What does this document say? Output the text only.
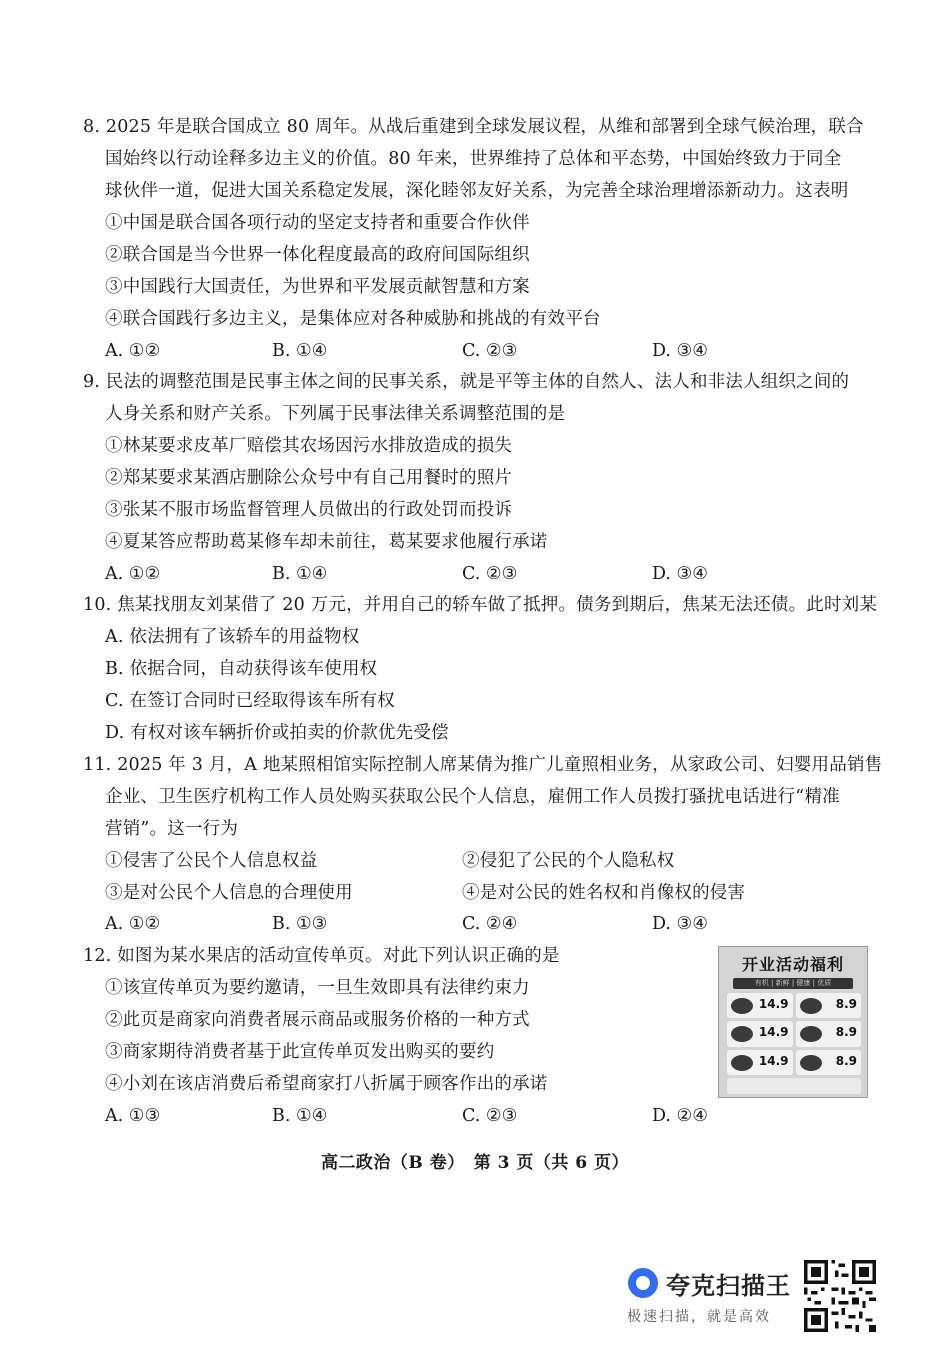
8. 2025 年是联合国成立 80 周年。从战后重建到全球发展议程，从维和部署到全球气候治理，联合
国始终以行动诠释多边主义的价值。80 年来，世界维持了总体和平态势，中国始终致力于同全
球伙伴一道，促进大国关系稳定发展，深化睦邻友好关系，为完善全球治理增添新动力。这表明
①中国是联合国各项行动的坚定支持者和重要合作伙伴
②联合国是当今世界一体化程度最高的政府间国际组织
③中国践行大国责任，为世界和平发展贡献智慧和方案
④联合国践行多边主义，是集体应对各种威胁和挑战的有效平台
A. ①②	B. ①④	C. ②③	D. ③④
9. 民法的调整范围是民事主体之间的民事关系，就是平等主体的自然人、法人和非法人组织之间的
人身关系和财产关系。下列属于民事法律关系调整范围的是
①林某要求皮革厂赔偿其农场因污水排放造成的损失
②郑某要求某酒店删除公众号中有自己用餐时的照片
③张某不服市场监督管理人员做出的行政处罚而投诉
④夏某答应帮助葛某修车却未前往，葛某要求他履行承诺
A. ①②	B. ①④	C. ②③	D. ③④
10. 焦某找朋友刘某借了 20 万元，并用自己的轿车做了抵押。债务到期后，焦某无法还债。此时刘某
A. 依法拥有了该轿车的用益物权
B. 依据合同，自动获得该车使用权
C. 在签订合同时已经取得该车所有权
D. 有权对该车辆折价或拍卖的价款优先受偿
11. 2025 年 3 月，A 地某照相馆实际控制人席某倩为推广儿童照相业务，从家政公司、妇婴用品销售
企业、卫生医疗机构工作人员处购买获取公民个人信息，雇佣工作人员拨打骚扰电话进行“精准
营销”。这一行为
①侵害了公民个人信息权益	②侵犯了公民的个人隐私权
③是对公民个人信息的合理使用	④是对公民的姓名权和肖像权的侵害
A. ①②	B. ①③	C. ②④	D. ③④
12. 如图为某水果店的活动宣传单页。对此下列认识正确的是
①该宣传单页为要约邀请，一旦生效即具有法律约束力
②此页是商家向消费者展示商品或服务价格的一种方式
③商家期待消费者基于此宣传单页发出购买的要约
④小刘在该店消费后希望商家打八折属于顾客作出的承诺
A. ①③	B. ①④	C. ②③	D. ②④
开业活动福利
有机 | 新鲜 | 健康 | 优质
14.9	8.9
14.9	8.9
14.9	8.9
高二政治（B 卷）　第 3 页（共 6 页）
夸克扫描王
极速扫描，就是高效
